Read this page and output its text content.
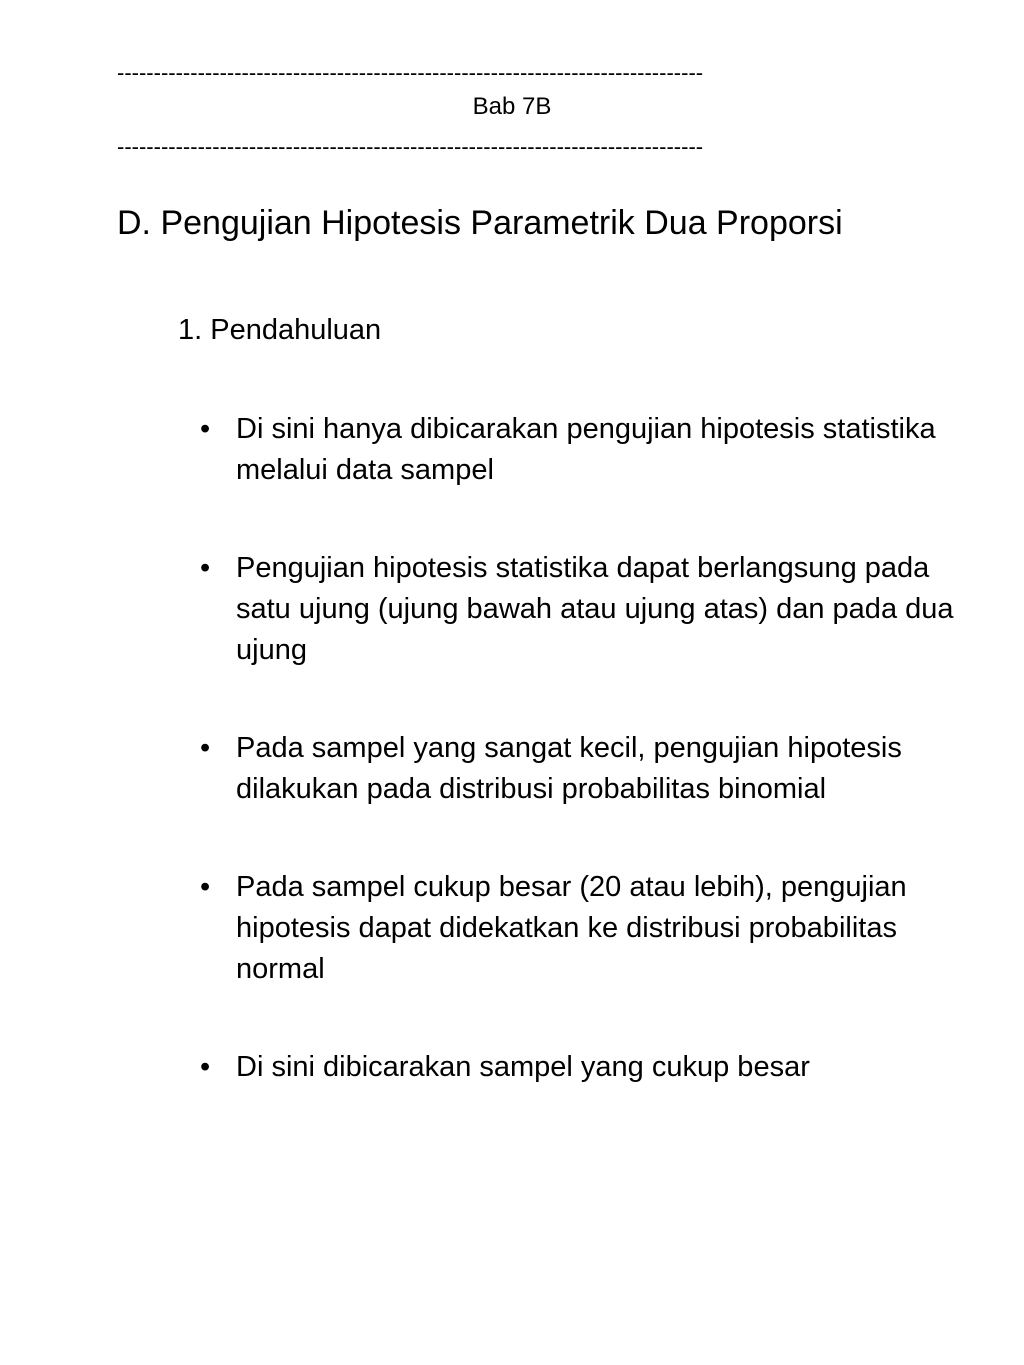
--------------------------------------------------------------------------------
Bab 7B
--------------------------------------------------------------------------------
D. Pengujian Hipotesis Parametrik Dua Proporsi
1. Pendahuluan
• Di sini hanya dibicarakan pengujian hipotesis statistika melalui data sampel
• Pengujian hipotesis statistika dapat berlangsung pada satu ujung (ujung bawah atau ujung atas) dan pada dua ujung
• Pada sampel yang sangat kecil, pengujian hipotesis dilakukan pada distribusi probabilitas binomial
• Pada sampel cukup besar (20 atau lebih), pengujian hipotesis dapat didekatkan ke distribusi probabilitas normal
• Di sini dibicarakan sampel yang cukup besar
